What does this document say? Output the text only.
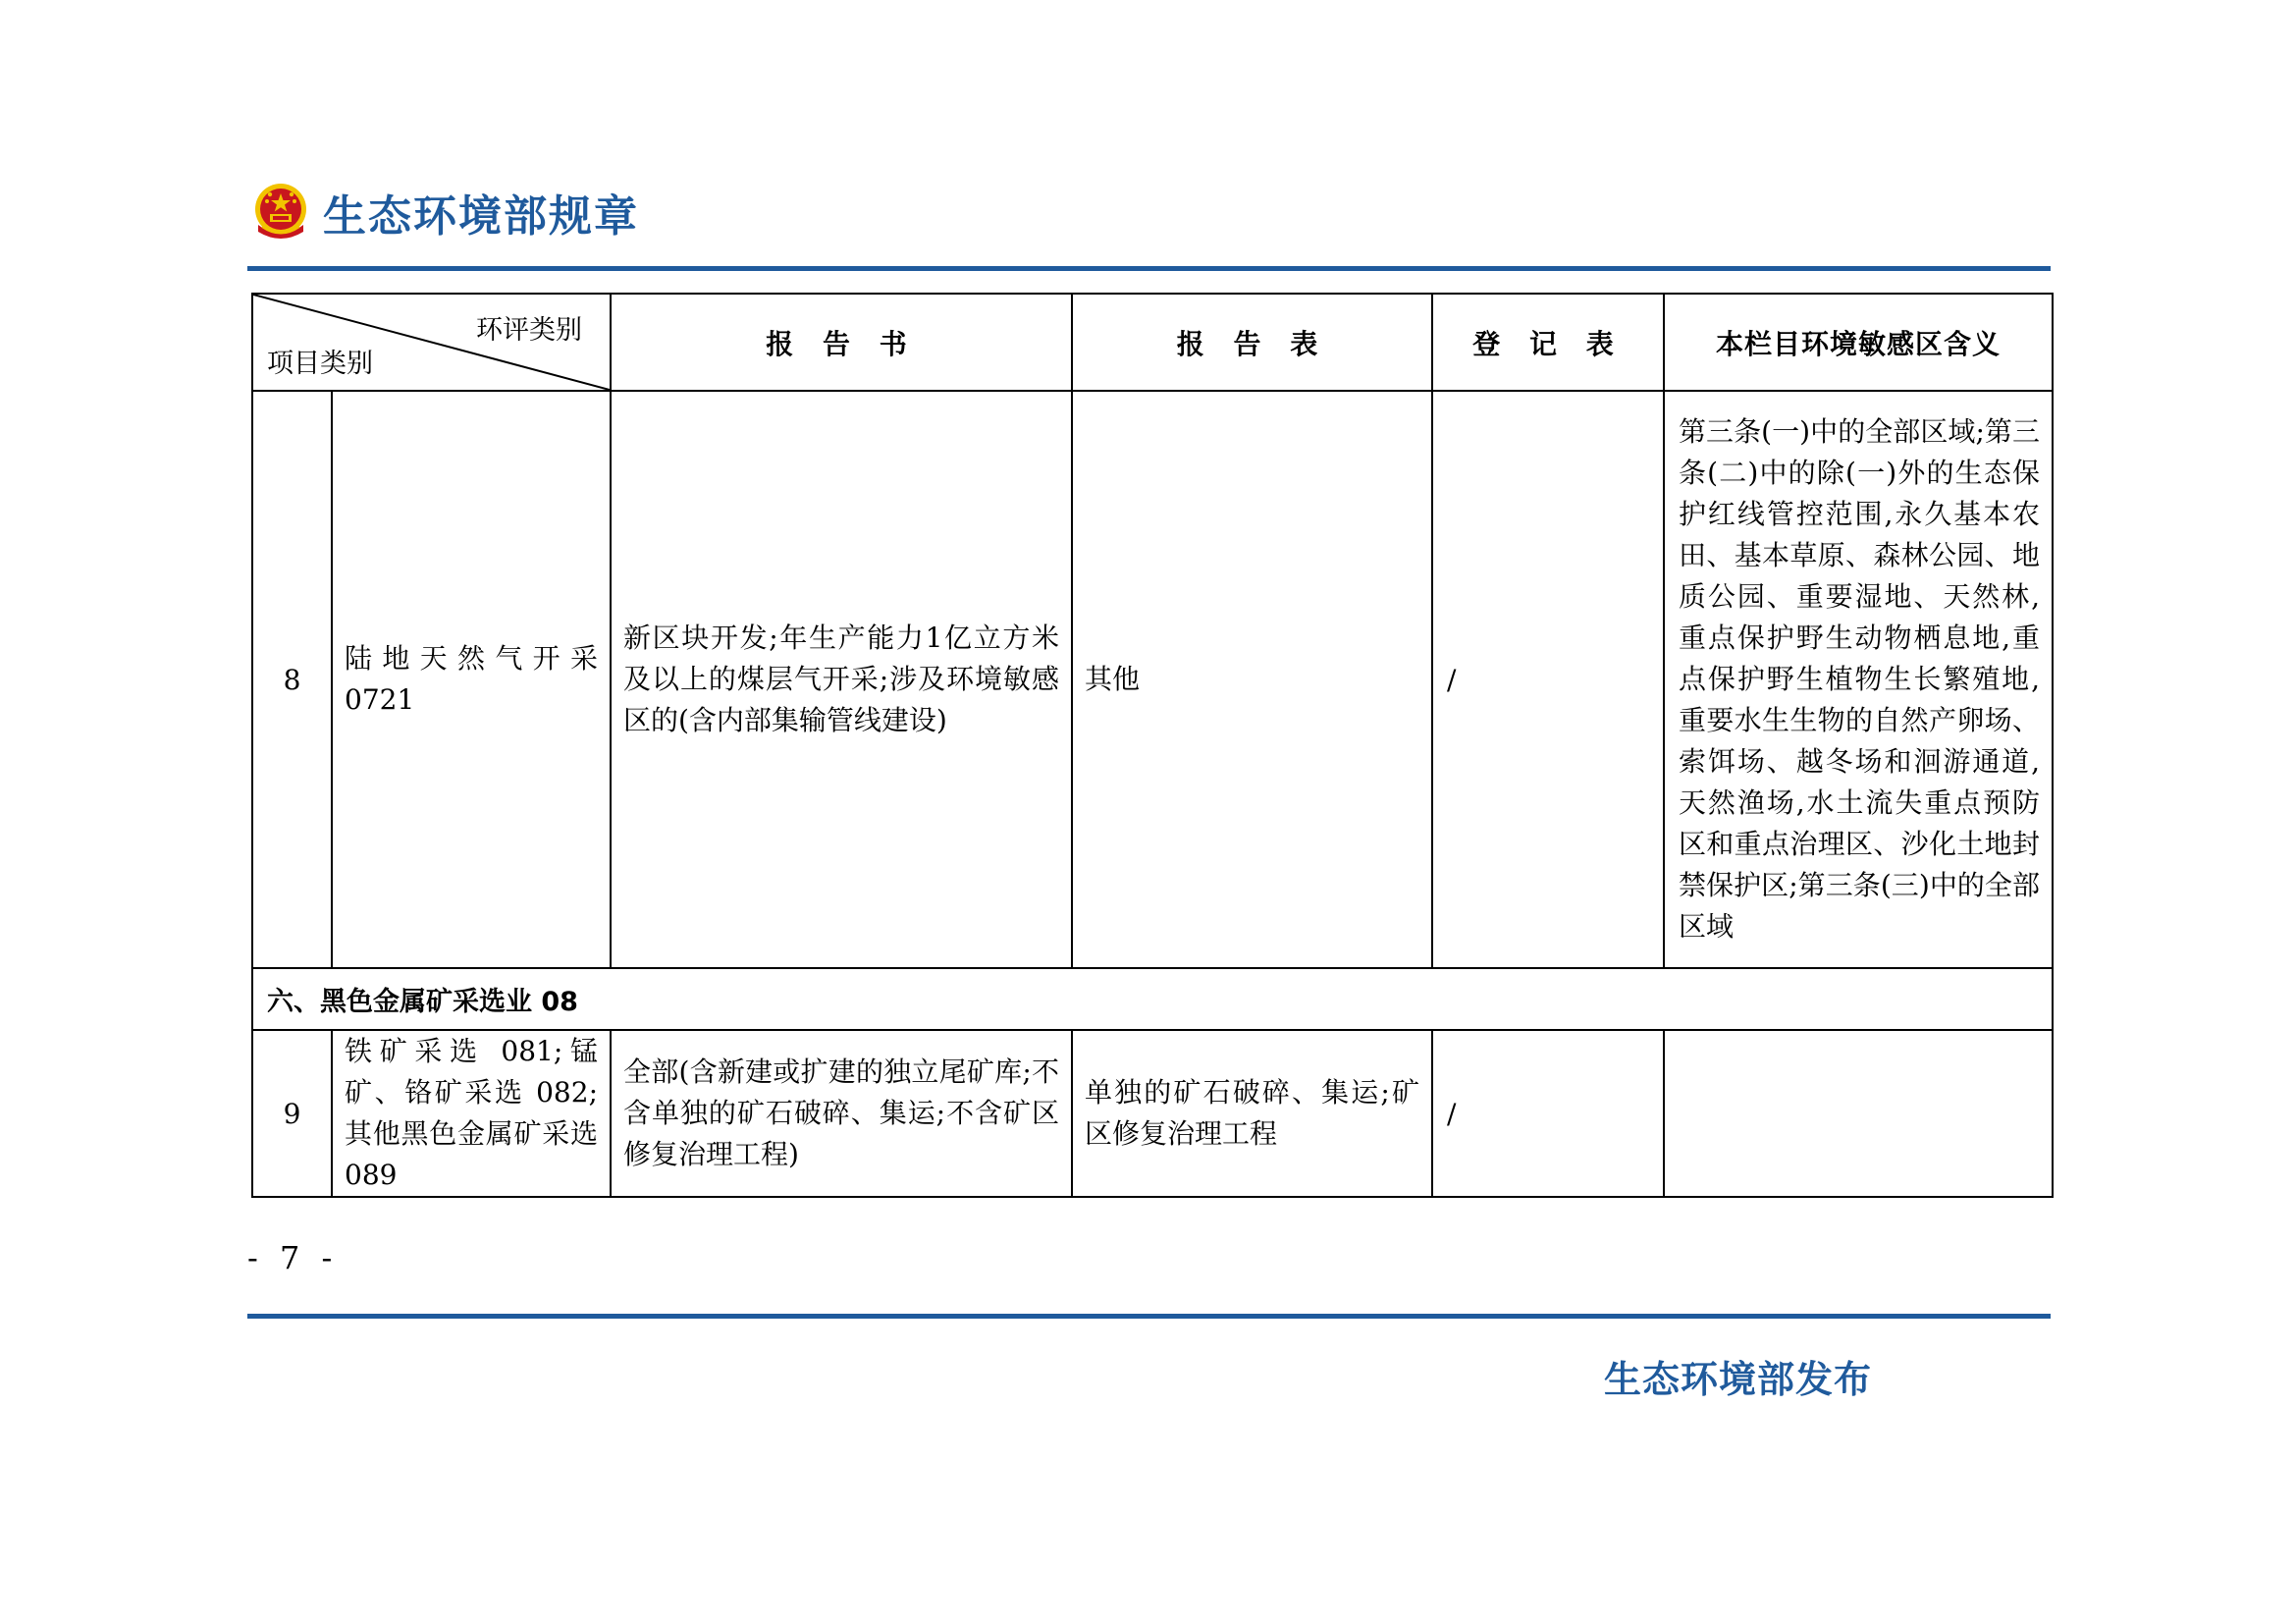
生态环境部规章
环评类别
项目类别		报 告 书	报 告 表	登 记 表	本栏目环境敏感区含义
8	陆地天然气开采 0721	新区块开发;年生产能力1亿立方米及以上的煤层气开采;涉及环境敏感区的(含内部集输管线建设)	其他	/	第三条(一)中的全部区域;第三条(二)中的除(一)外的生态保护红线管控范围,永久基本农田、基本草原、森林公园、地质公园、重要湿地、天然林,重点保护野生动物栖息地,重点保护野生植物生长繁殖地,重要水生生物的自然产卵场、索饵场、越冬场和洄游通道,天然渔场,水土流失重点预防区和重点治理区、沙化土地封禁保护区;第三条(三)中的全部区域
六、黑色金属矿采选业 08					
9	铁矿采选 081;锰矿、铬矿采选 082;其他黑色金属矿采选 089	全部(含新建或扩建的独立尾矿库;不含单独的矿石破碎、集运;不含矿区修复治理工程)	单独的矿石破碎、集运;矿区修复治理工程	/	
- 7 -
生态环境部发布
